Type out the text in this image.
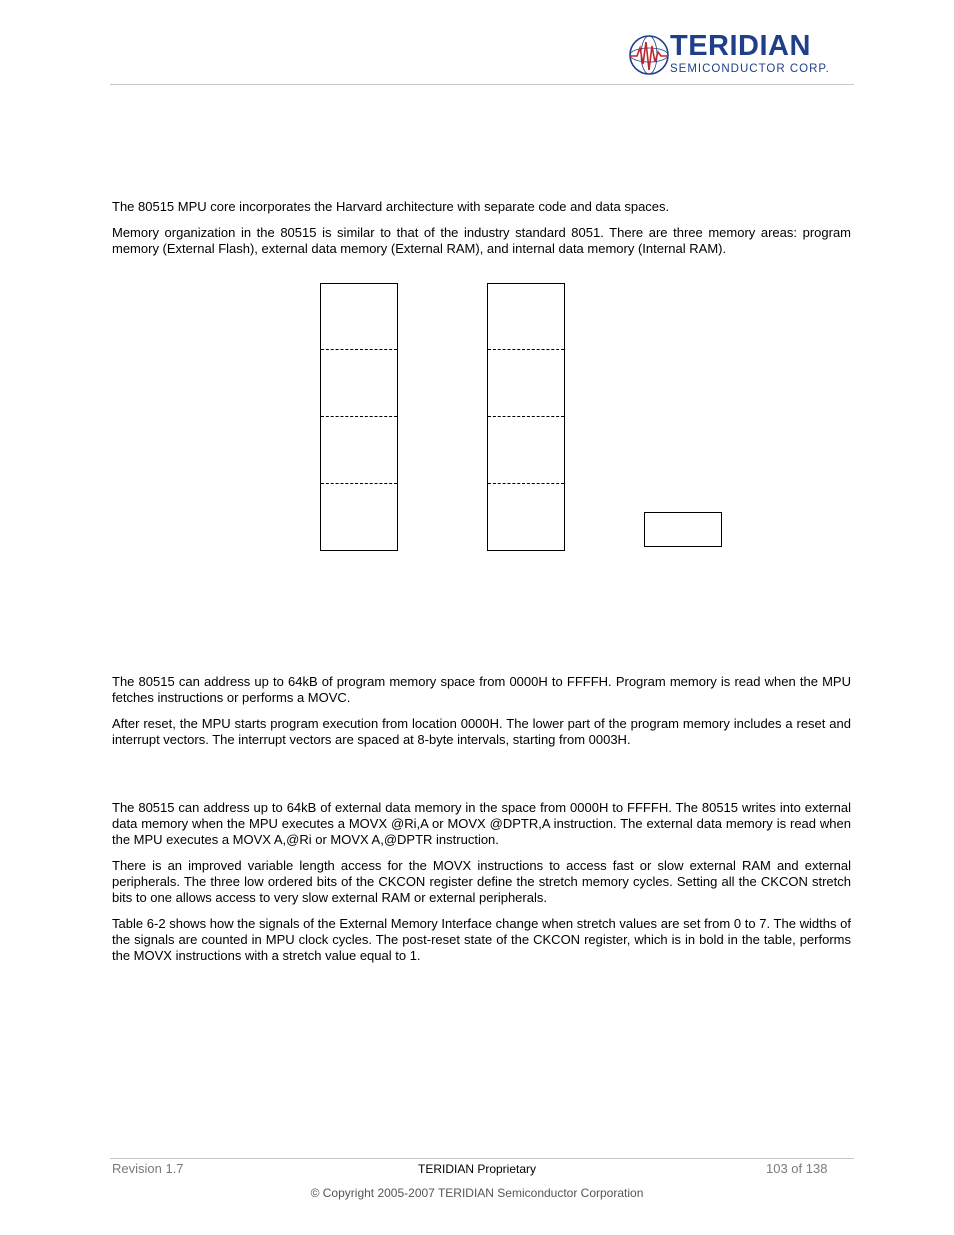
TERIDIAN
SEMICONDUCTOR CORP.

The 80515 MPU core incorporates the Harvard architecture with separate code and data spaces.

Memory organization in the 80515 is similar to that of the industry standard 8051. There are three memory areas: program memory (External Flash), external data memory (External RAM), and internal data memory (Internal RAM).

The 80515 can address up to 64kB of program memory space from 0000H to FFFFH. Program memory is read when the MPU fetches instructions or performs a MOVC.

After reset, the MPU starts program execution from location 0000H. The lower part of the program memory includes a reset and interrupt vectors. The interrupt vectors are spaced at 8-byte intervals, starting from 0003H.

The 80515 can address up to 64kB of external data memory in the space from 0000H to FFFFH. The 80515 writes into external data memory when the MPU executes a MOVX @Ri,A or MOVX @DPTR,A instruction. The external data memory is read when the MPU executes a MOVX A,@Ri or MOVX A,@DPTR instruction.

There is an improved variable length access for the MOVX instructions to access fast or slow external RAM and external peripherals. The three low ordered bits of the CKCON register define the stretch memory cycles. Setting all the CKCON stretch bits to one allows access to very slow external RAM or external peripherals.

Table 6-2 shows how the signals of the External Memory Interface change when stretch values are set from 0 to 7. The widths of the signals are counted in MPU clock cycles. The post-reset state of the CKCON register, which is in bold in the table, performs the MOVX instructions with a stretch value equal to 1.

Revision 1.7	TERIDIAN Proprietary	103 of 138
© Copyright 2005-2007 TERIDIAN Semiconductor Corporation
